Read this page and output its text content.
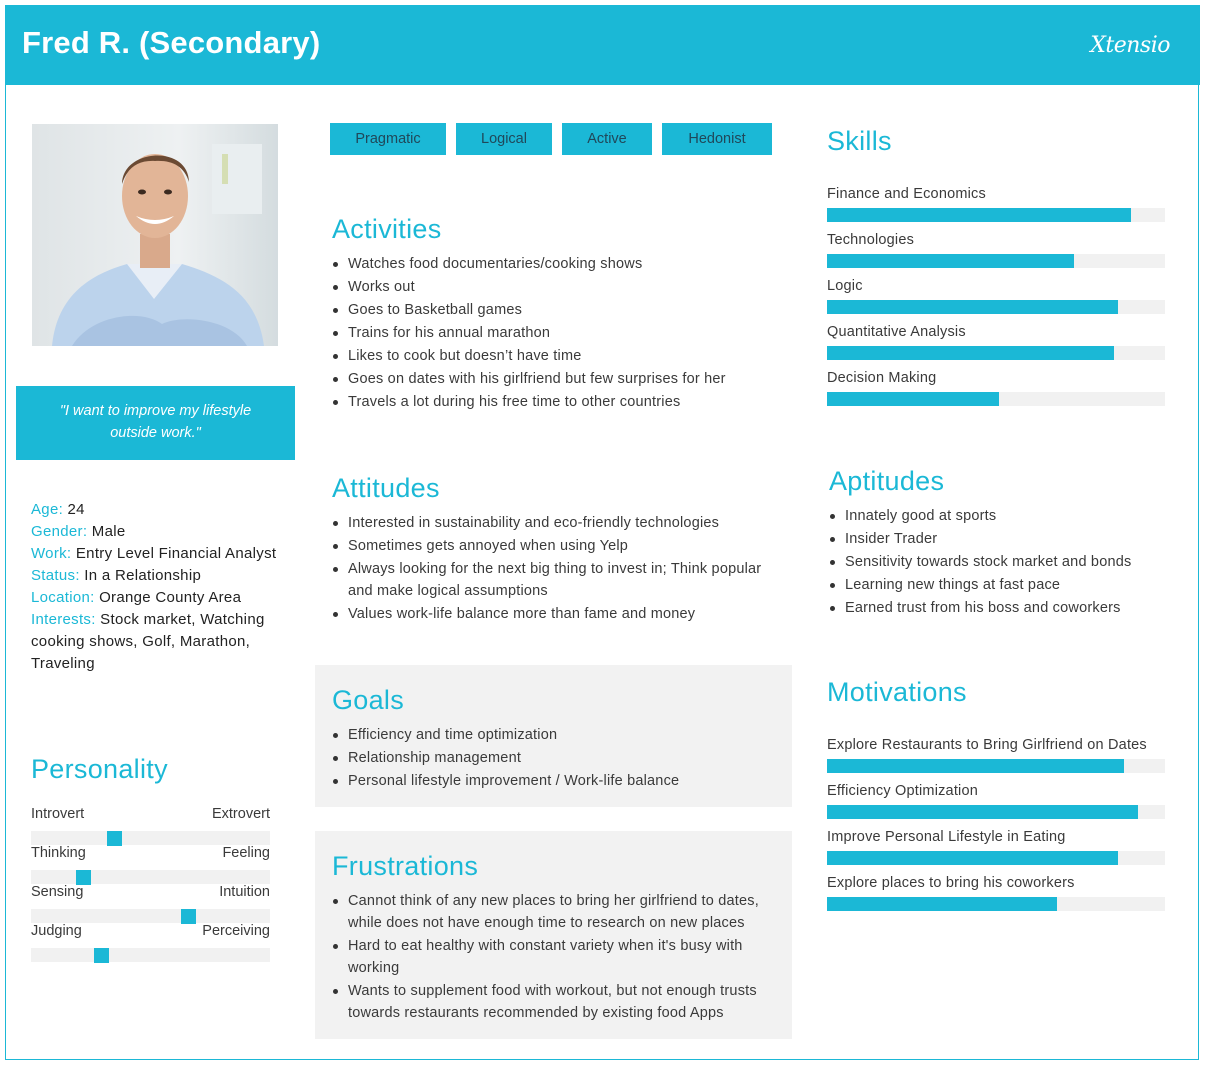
Fred R. (Secondary)	Xtensio
"I want to improve my lifestyle outside work."
Age: 24
Gender: Male
Work: Entry Level Financial Analyst
Status: In a Relationship
Location: Orange County Area
Interests: Stock market, Watching cooking shows, Golf, Marathon, Traveling
Personality
Introvert	Extrovert
Thinking	Feeling
Sensing	Intuition
Judging	Perceiving
Pragmatic	Logical	Active	Hedonist
Activities
Watches food documentaries/cooking shows
Works out
Goes to Basketball games
Trains for his annual marathon
Likes to cook but doesn’t have time
Goes on dates with his girlfriend but few surprises for her
Travels a lot during his free time to other countries
Attitudes
Interested in sustainability and eco-friendly technologies
Sometimes gets annoyed when using Yelp
Always looking for the next big thing to invest in; Think popular and make logical assumptions
Values work-life balance more than fame and money
Goals
Efficiency and time optimization
Relationship management
Personal lifestyle improvement / Work-life balance
Frustrations
Cannot think of any new places to bring her girlfriend to dates, while does not have enough time to research on new places
Hard to eat healthy with constant variety when it's busy with working
Wants to supplement food with workout, but not enough trusts towards restaurants recommended by existing food Apps
Skills
Finance and Economics
Technologies
Logic
Quantitative Analysis
Decision Making
Aptitudes
Innately good at sports
Insider Trader
Sensitivity towards stock market and bonds
Learning new things at fast pace
Earned trust from his boss and coworkers
Motivations
Explore Restaurants to Bring Girlfriend on Dates
Efficiency Optimization
Improve Personal Lifestyle in Eating
Explore places to bring his coworkers
